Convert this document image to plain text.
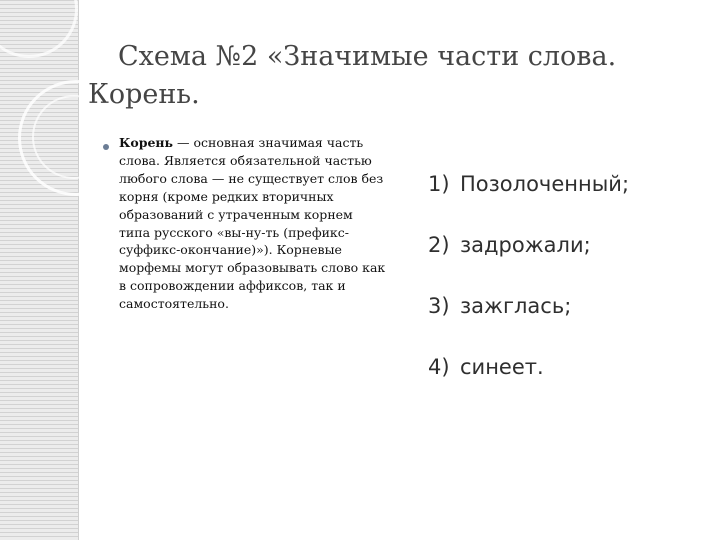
Схема №2 «Значимые части слова.
Корень.

Корень — основная значимая часть слова. Является обязательной частью любого слова — не существует слов без корня (кроме редких вторичных образований с утраченным корнем типа русского «вы-ну-ть (префикс-суффикс-окончание)»). Корневые морфемы могут образовывать слово как в сопровождении аффиксов, так и самостоятельно.

1) Позолоченный;
2) задрожали;
3) зажглась;
4) синеет.
